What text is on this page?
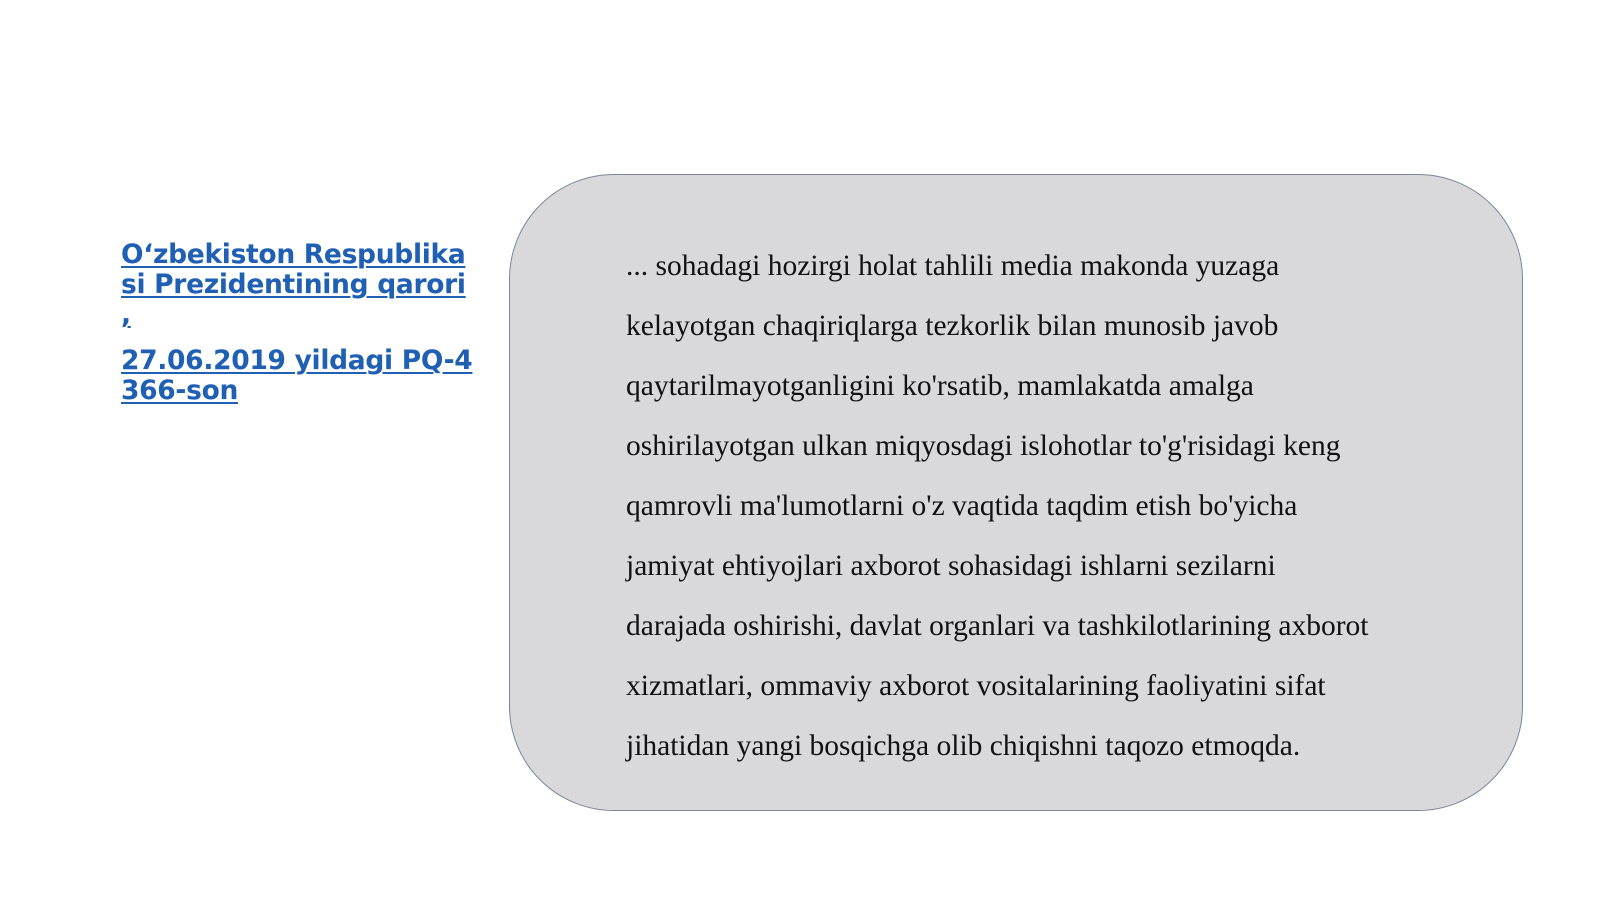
O‘zbekiston Respublika
si Prezidentining qarori
,
27.06.2019 yildagi PQ-4
366-son
... sohadagi hozirgi holat tahlili media makonda yuzaga
kelayotgan chaqiriqlarga tezkorlik bilan munosib javob
qaytarilmayotganligini ko'rsatib, mamlakatda amalga
oshirilayotgan ulkan miqyosdagi islohotlar to'g'risidagi keng
qamrovli ma'lumotlarni o'z vaqtida taqdim etish bo'yicha
jamiyat ehtiyojlari axborot sohasidagi ishlarni sezilarni
darajada oshirishi, davlat organlari va tashkilotlarining axborot
xizmatlari, ommaviy axborot vositalarining faoliyatini sifat
jihatidan yangi bosqichga olib chiqishni taqozo etmoqda.
